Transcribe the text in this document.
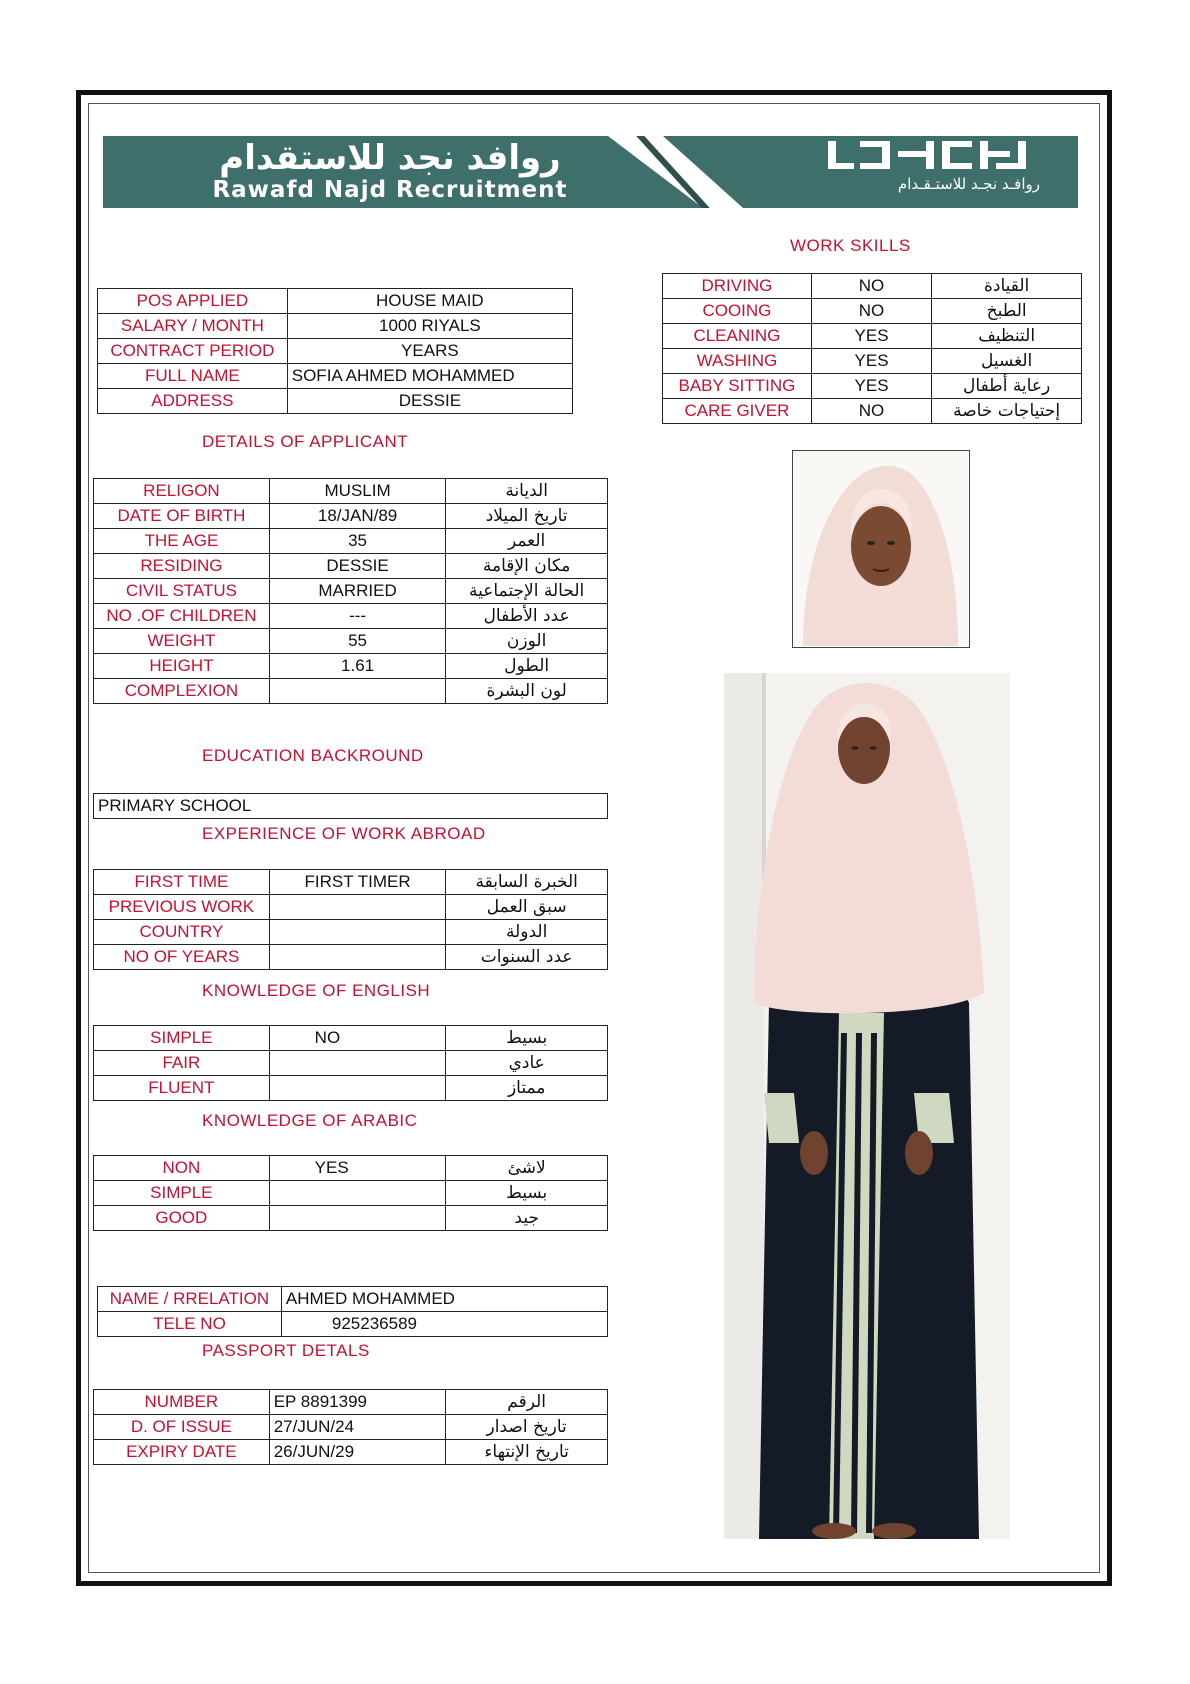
روافد نجد للاستقدام
Rawafd Najd Recruitment	روافـد نجـد للاستـقـدام
WORK SKILLS
DRIVING	NO	القيادة
COOING	NO	الطبخ
CLEANING	YES	التنظيف
WASHING	YES	الغسيل
BABY SITTING	YES	رعاية أطفال
CARE GIVER	NO	إحتياجات خاصة
POS APPLIED	HOUSE MAID
SALARY / MONTH	1000 RIYALS
CONTRACT PERIOD	YEARS
FULL NAME	SOFIA AHMED MOHAMMED
ADDRESS	DESSIE
DETAILS OF APPLICANT
RELIGON	MUSLIM	الديانة
DATE OF BIRTH	18/JAN/89	تاريخ الميلاد
THE AGE	35	العمر
RESIDING	DESSIE	مكان الإقامة
CIVIL STATUS	MARRIED	الحالة الإجتماعية
NO .OF CHILDREN	---	عدد الأطفال
WEIGHT	55	الوزن
HEIGHT	1.61	الطول
COMPLEXION		لون البشرة
EDUCATION BACKROUND
PRIMARY SCHOOL
EXPERIENCE OF WORK ABROAD
FIRST TIME	FIRST TIMER	الخبرة السابقة
PREVIOUS WORK		سبق العمل
COUNTRY		الدولة
NO OF YEARS		عدد السنوات
KNOWLEDGE OF ENGLISH
SIMPLE	NO	بسيط
FAIR		عادي
FLUENT		ممتاز
KNOWLEDGE OF ARABIC
NON	YES	لاشئ
SIMPLE		بسيط
GOOD		جيد
NAME / RRELATION	AHMED MOHAMMED
TELE NO	925236589
PASSPORT DETALS
NUMBER	EP 8891399	الرقم
D. OF ISSUE	27/JUN/24	تاريخ اصدار
EXPIRY DATE	26/JUN/29	تاريخ الإنتهاء
